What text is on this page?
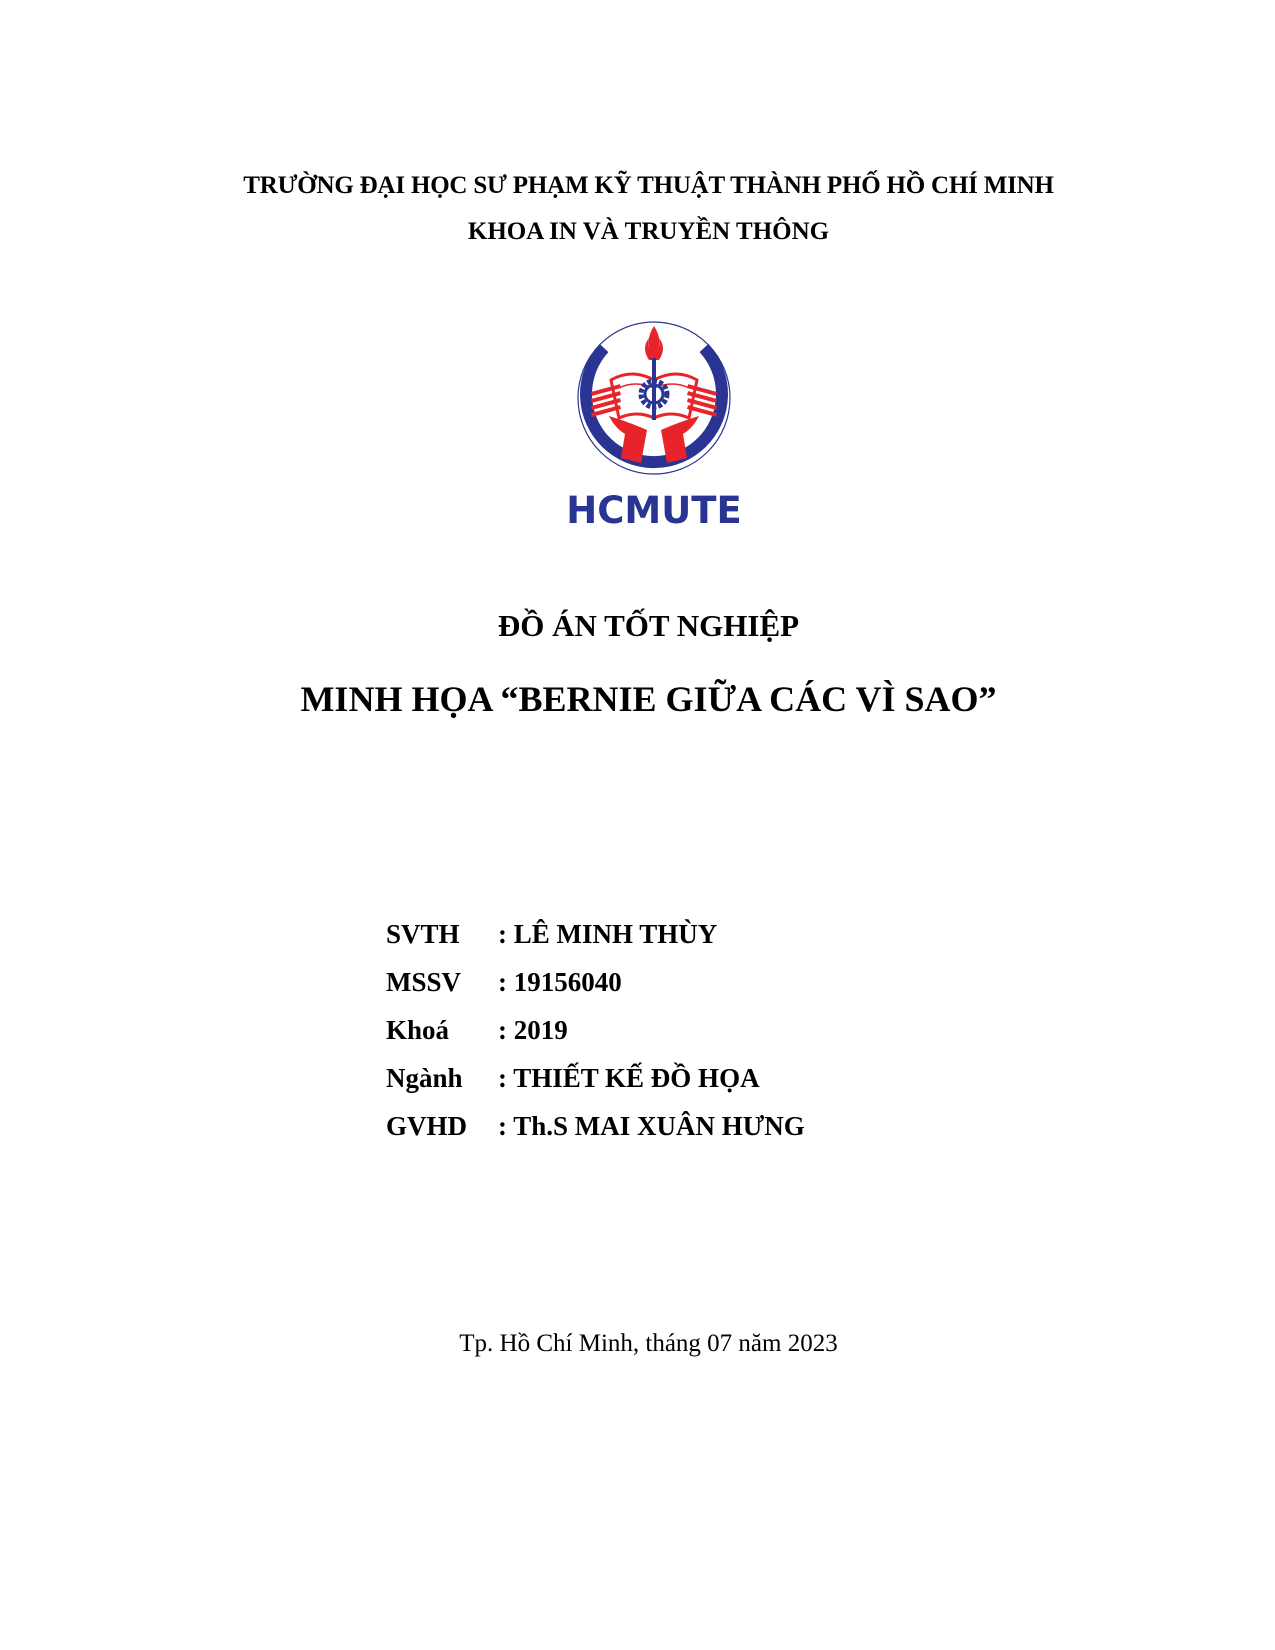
TRƯỜNG ĐẠI HỌC SƯ PHẠM KỸ THUẬT THÀNH PHỐ HỒ CHÍ MINH
KHOA IN VÀ TRUYỀN THÔNG
HCMUTE
ĐỒ ÁN TỐT NGHIỆP
MINH HỌA “BERNIE GIỮA CÁC VÌ SAO”
SVTH	: LÊ MINH THÙY
MSSV	: 19156040
Khoá	: 2019
Ngành	: THIẾT KẾ ĐỒ HỌA
GVHD	: Th.S MAI XUÂN HƯNG
Tp. Hồ Chí Minh, tháng 07 năm 2023
